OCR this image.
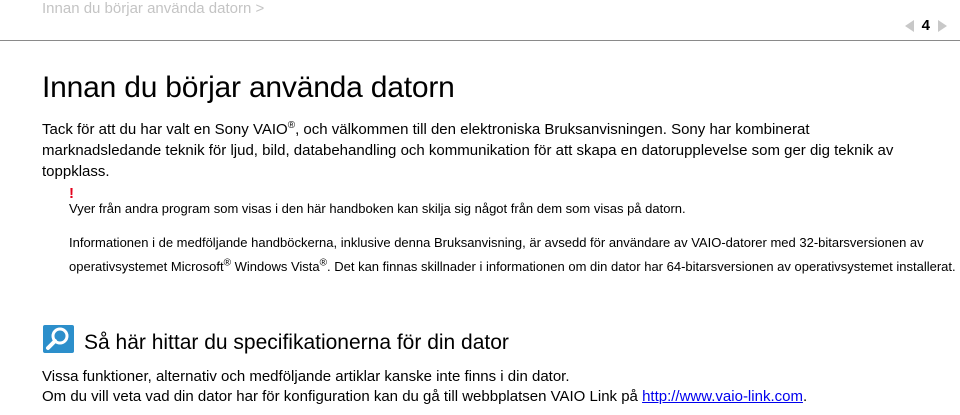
Innan du börjar använda datorn >
4
Innan du börjar använda datorn
Tack för att du har valt en Sony VAIO®, och välkommen till den elektroniska Bruksanvisningen. Sony har kombinerat marknadsledande teknik för ljud, bild, databehandling och kommunikation för att skapa en datorupplevelse som ger dig teknik av toppklass.
!
Vyer från andra program som visas i den här handboken kan skilja sig något från dem som visas på datorn.
Informationen i de medföljande handböckerna, inklusive denna Bruksanvisning, är avsedd för användare av VAIO-datorer med 32-bitarsversionen av operativsystemet Microsoft® Windows Vista®. Det kan finnas skillnader i informationen om din dator har 64-bitarsversionen av operativsystemet installerat.
Så här hittar du specifikationerna för din dator
Vissa funktioner, alternativ och medföljande artiklar kanske inte finns i din dator.
Om du vill veta vad din dator har för konfiguration kan du gå till webbplatsen VAIO Link på http://www.vaio-link.com.
